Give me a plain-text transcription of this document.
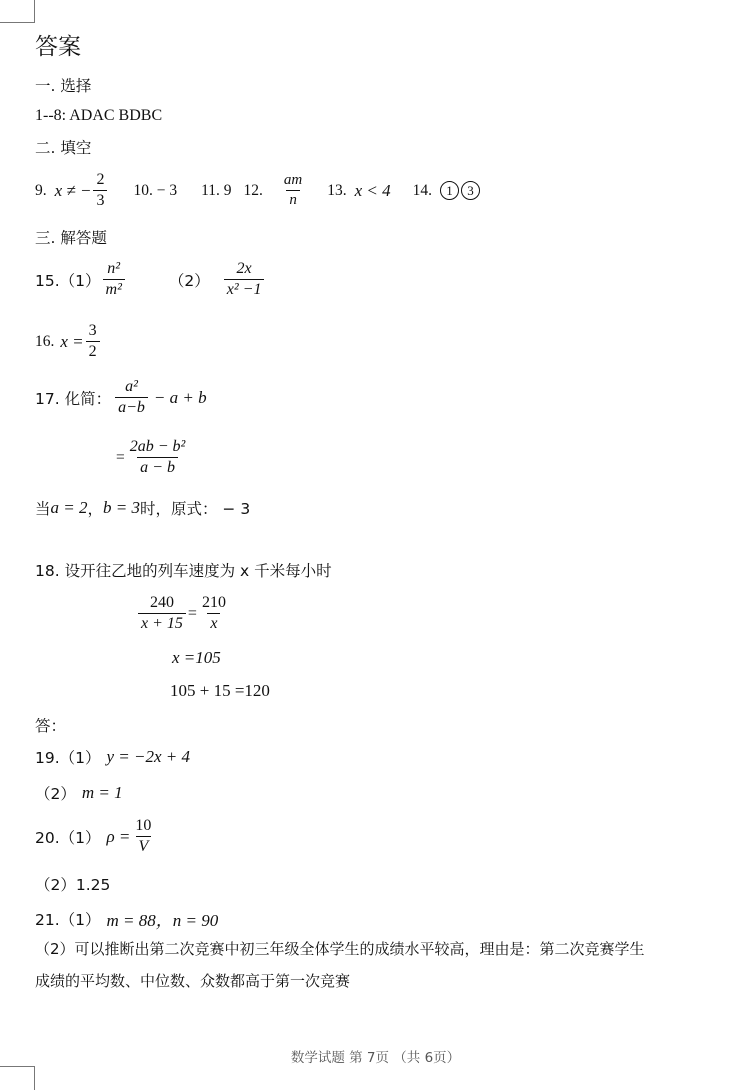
答案
一. 选择
1--8: ADAC BDBC
二. 填空
9. x ≠ − $\frac{2}{3} 10$. − 3 11. 9 12. $\frac{am}{n} 13$. x < 4 14.	1	3
三. 解答题
$15.(1) \frac{\text{n²}}{\text{m²}}$	$(2) \frac{2x}{\text{x² −1}}$
16. $x = \frac{3}{2}$
17. 化简： $\frac{\text{a²}}{a-b} - a + b$
= $\frac{\text{2ab − b²}}{a - b}$
当 a = 2 ， b = 3 时，原式： − 3
18. 设开往乙地的列车速度为 x 千米每小时
$\frac{240}{x + 15} = \frac{210}{x}$
x =105
105 + 15 =120
答：
19.（1） y = −2x + 4
（2） m = 1
20.（1） $\rho = \frac{10}{V}$
（2）1.25
21.（1） m = 88，n = 90
（2）可以推断出第二次竞赛中初三年级全体学生的成绩水平较高，理由是：第二次竞赛学生
成绩的平均数、中位数、众数都高于第一次竞赛
数学试题 第 7页 （共 6页）
